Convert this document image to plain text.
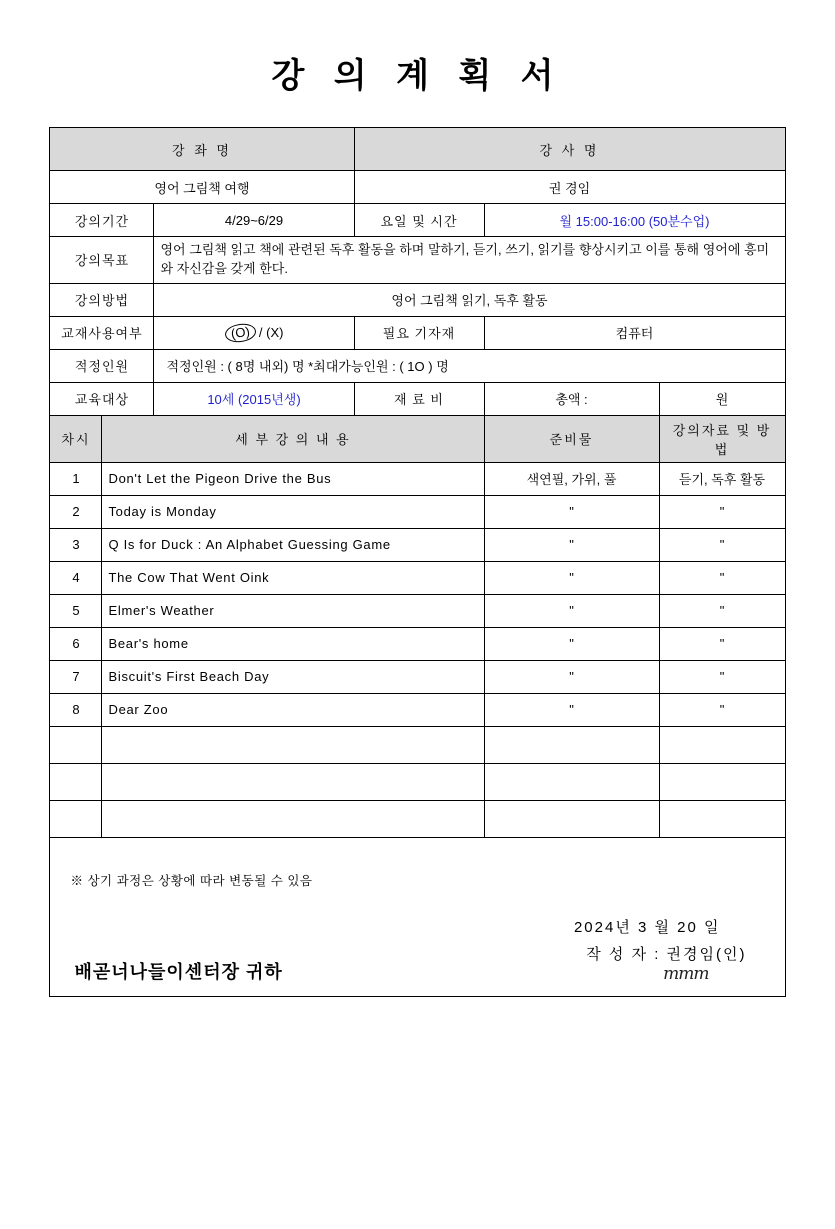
강 의 계 획 서
강 좌 명			강 사 명		
영어 그림책 여행			권 경임		
강의기간		4/29~6/29	요일 및 시간	월 15:00-16:00 (50분수업)	
강의목표		영어 그림책 읽고 책에 관련된 독후 활동을 하며 말하기, 듣기, 쓰기, 읽기를 향상시키고 이를 통해 영어에 흥미와 자신감을 갖게 한다.			
강의방법		영어 그림책 읽기, 독후 활동			
교재사용여부		(O) / (X)	필요 기자재	컴퓨터	
적정인원		적정인원 : ( 8명 내외) 명 *최대가능인원 : ( 1O ) 명			
교육대상		10세 (2015년생)	재 료 비	총액 :	원
차시	세 부 강 의 내 용			준비물	강의자료 및 방법
1	Don't Let the Pigeon Drive the Bus			색연필, 가위, 풀	듣기, 독후 활동
2	Today is Monday			"	"
3	Q Is for Duck : An Alphabet Guessing Game			"	"
4	The Cow That Went Oink			"	"
5	Elmer's Weather			"	"
6	Bear's home			"	"
7	Biscuit's First Beach Day			"	"
8	Dear Zoo			"	"

※ 상기 과정은 상황에 따라 변동될 수 있음
2024년 3 월 20 일
작 성 자 : 권경임(인)
mmm
배곧너나들이센터장 귀하					
